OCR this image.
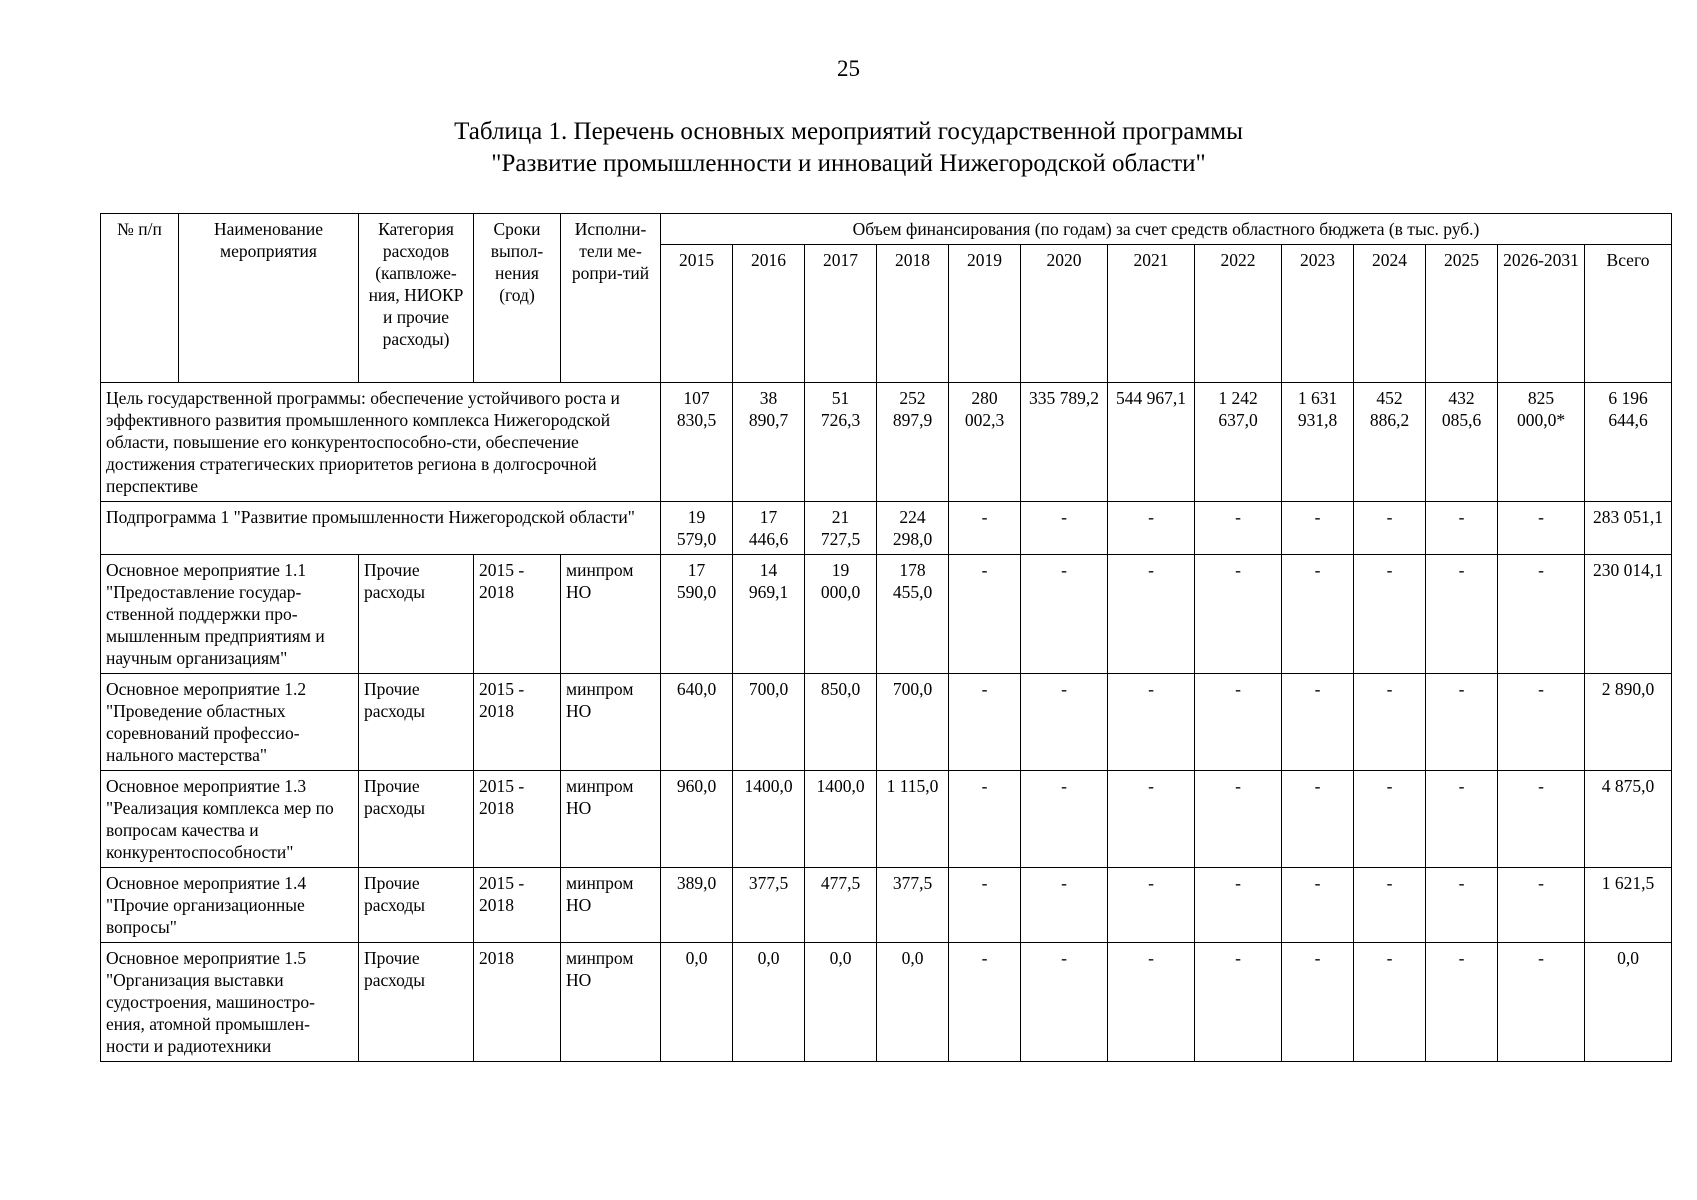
25
Таблица 1. Перечень основных мероприятий государственной программы
"Развитие промышленности и инноваций Нижегородской области"
№ п/п	Наименование мероприятия	Категория расходов (капвложе-ния, НИОКР и прочие расходы)	Сроки выпол-нения (год)	Исполни-тели ме-ропри-тий	Объем финансирования (по годам) за счет средств областного бюджета (в тыс. руб.)												
					2015	2016	2017	2018	2019	2020	2021	2022	2023	2024	2025	2026-2031	Всего
Цель государственной программы: обеспечение устойчивого роста и эффективного развития промышленного комплекса Нижегородской области, повышение его конкурентоспособно-сти, обеспечение достижения стратегических приоритетов региона в долгосрочной перспективе					107 830,5	38 890,7	51 726,3	252 897,9	280 002,3	335 789,2	544 967,1	1 242 637,0	1 631 931,8	452 886,2	432 085,6	825 000,0*	6 196 644,6
Подпрограмма 1 "Развитие промышленности Нижегородской области"					19 579,0	17 446,6	21 727,5	224 298,0	-	-	-	-	-	-	-	-	283 051,1
Основное мероприятие 1.1 "Предоставление государ-ственной поддержки про-мышленным предприятиям и научным организациям"		Прочие расходы	2015 - 2018	минпром НО	17 590,0	14 969,1	19 000,0	178 455,0	-	-	-	-	-	-	-	-	230 014,1
Основное мероприятие 1.2 "Проведение областных соревнований профессио-нального мастерства"		Прочие расходы	2015 - 2018	минпром НО	640,0	700,0	850,0	700,0	-	-	-	-	-	-	-	-	2 890,0
Основное мероприятие 1.3 "Реализация комплекса мер по вопросам качества и конкурентоспособности"		Прочие расходы	2015 - 2018	минпром НО	960,0	1400,0	1400,0	1 115,0	-	-	-	-	-	-	-	-	4 875,0
Основное мероприятие 1.4 "Прочие организационные вопросы"		Прочие расходы	2015 - 2018	минпром НО	389,0	377,5	477,5	377,5	-	-	-	-	-	-	-	-	1 621,5
Основное мероприятие 1.5 "Организация выставки судостроения, машиностро-ения, атомной промышлен-ности и радиотехники		Прочие расходы	2018	минпром НО	0,0	0,0	0,0	0,0	-	-	-	-	-	-	-	-	0,0
